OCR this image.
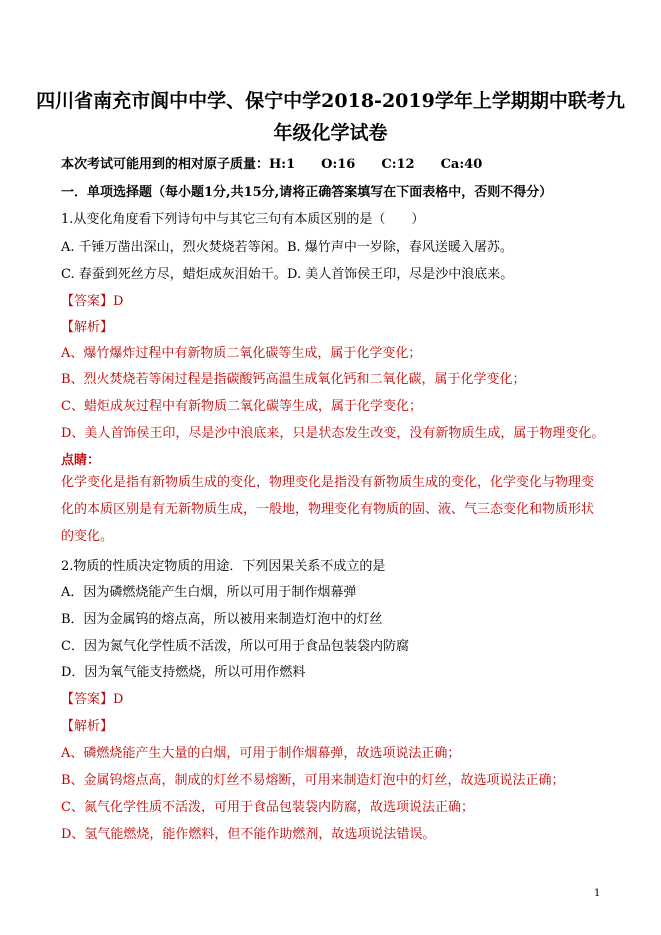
四川省南充市阆中中学、保宁中学2018-2019学年上学期期中联考九
年级化学试卷
本次考试可能用到的相对原子质量：H:1　　O:16　　C:12　　Ca:40
一．单项选择题（每小题1分,共15分,请将正确答案填写在下面表格中，否则不得分）
1.从变化角度看下列诗句中与其它三句有本质区别的是（　　）
A. 千锤万凿出深山，烈火焚烧若等闲。 B. 爆竹声中一岁除，春风送暖入屠苏。
C. 春蚕到死丝方尽，蜡炬成灰泪始干。 D. 美人首饰侯王印，尽是沙中浪底来。
【答案】D
【解析】
A、爆竹爆炸过程中有新物质二氧化碳等生成，属于化学变化；
B、烈火焚烧若等闲过程是指碳酸钙高温生成氧化钙和二氧化碳，属于化学变化；
C、蜡炬成灰过程中有新物质二氧化碳等生成，属于化学变化；
D、美人首饰侯王印，尽是沙中浪底来，只是状态发生改变，没有新物质生成，属于物理变化。
点睛：
化学变化是指有新物质生成的变化，物理变化是指没有新物质生成的变化，化学变化与物理变化的本质区别是有无新物质生成，一般地，物理变化有物质的固、液、气三态变化和物质形状的变化。
2.物质的性质决定物质的用途．下列因果关系不成立的是
A．因为磷燃烧能产生白烟，所以可用于制作烟幕弹
B．因为金属钨的熔点高，所以被用来制造灯泡中的灯丝
C．因为氮气化学性质不活泼，所以可用于食品包装袋内防腐
D．因为氧气能支持燃烧，所以可用作燃料
【答案】D
【解析】
A、磷燃烧能产生大量的白烟，可用于制作烟幕弹，故选项说法正确；
B、金属钨熔点高，制成的灯丝不易熔断，可用来制造灯泡中的灯丝，故选项说法正确；
C、氮气化学性质不活泼，可用于食品包装袋内防腐，故选项说法正确；
D、氢气能燃烧，能作燃料，但不能作助燃剂，故选项说法错误。
1
